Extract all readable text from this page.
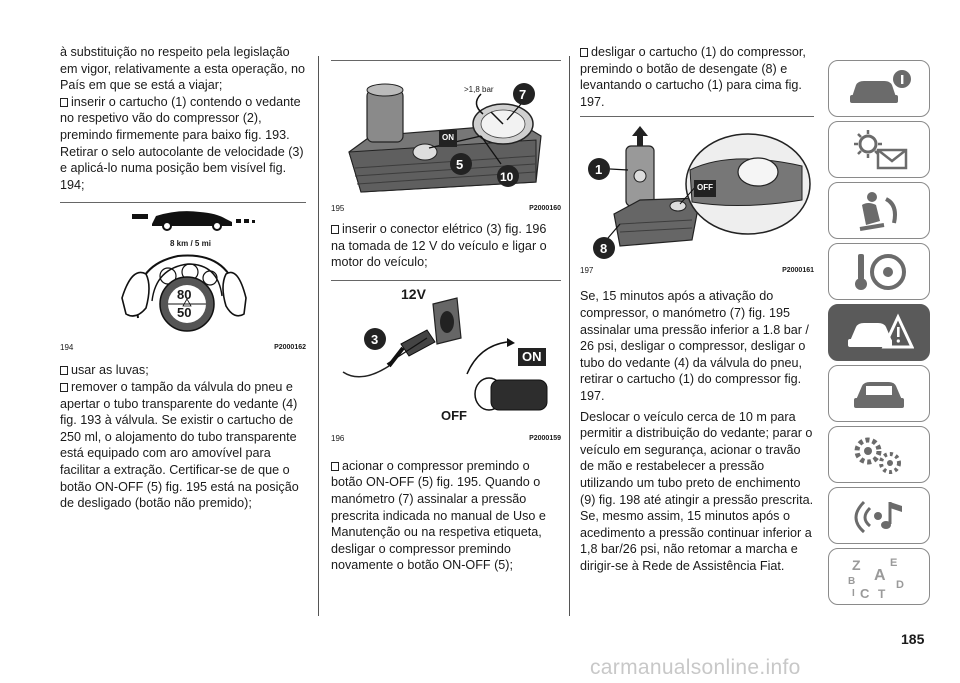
à substituição no respeito pela legislação em vigor, relativamente a esta operação, no País em que se está a viajar;

inserir o cartucho (1) contendo o vedante no respetivo vão do compressor (2), premindo firmemente para baixo fig. 193. Retirar o selo autocolante de velocidade (3) e aplicá-lo numa posição bem visível fig. 194;

8 km / 5 mi
80
50
194	P2000162

usar as luvas;

remover o tampão da válvula do pneu e apertar o tubo transparente do vedante (4) fig. 193 à válvula. Se existir o cartucho de 250 ml, o alojamento do tubo transparente está equipado com aro amovível para facilitar a extração. Certificar-se de que o botão ON-OFF (5) fig. 195 está na posição de desligado (botão não premido);

>1,8 bar
ON
7
5
10
195	P2000160

inserir o conector elétrico (3) fig. 196 na tomada de 12 V do veículo e ligar o motor do veículo;

12V
3
ON
OFF
196	P2000159

acionar o compressor premindo o botão ON-OFF (5) fig. 195. Quando o manómetro (7) assinalar a pressão prescrita indicada no manual de Uso e Manutenção ou na respetiva etiqueta, desligar o compressor premindo novamente o botão ON-OFF (5);

desligar o cartucho (1) do compressor, premindo o botão de desengate (8) e levantando o cartucho (1) para cima fig. 197.

1
8
OFF
197	P2000161

Se, 15 minutos após a ativação do compressor, o manómetro (7) fig. 195 assinalar uma pressão inferior a 1.8 bar / 26 psi, desligar o compressor, desligar o tubo do vedante (4) da válvula do pneu, retirar o cartucho (1) do compressor fig. 197.

Deslocar o veículo cerca de 10 m para permitir a distribuição do vedante; parar o veículo em segurança, acionar o travão de mão e restabelecer a pressão utilizando um tubo preto de enchimento (9) fig. 198 até atingir a pressão prescrita. Se, mesmo assim, 15 minutos após o acedimento a pressão continuar inferior a 1,8 bar/26 psi, não retomar a marcha e dirigir-se à Rede de Assistência Fiat.	Z	E
A
B	D
I C T
185
carmanualsonline.info
